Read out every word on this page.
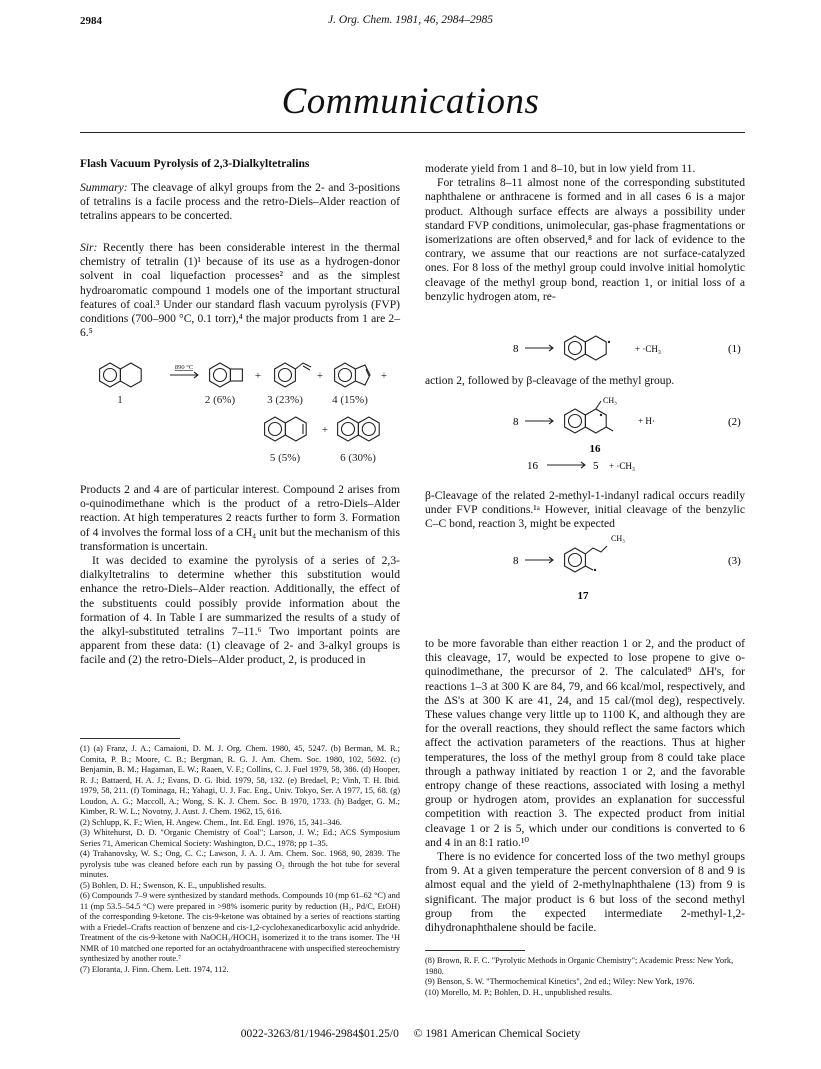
2984	J. Org. Chem. 1981, 46, 2984–2985
Communications
Flash Vacuum Pyrolysis of 2,3-Dialkyltetralins

Summary: The cleavage of alkyl groups from the 2- and 3-positions of tetralins is a facile process and the retro-Diels–Alder reaction of tetralins appears to be concerted.

Sir: Recently there has been considerable interest in the thermal chemistry of tetralin (1)¹ because of its use as a hydrogen-donor solvent in coal liquefaction processes² and as the simplest hydroaromatic compound 1 models one of the important structural features of coal.³ Under our standard flash vacuum pyrolysis (FVP) conditions (700–900 °C, 0.1 torr),⁴ the major products from 1 are 2–6.⁵

+	+	+
+
890 °C
1	2 (6%)	3 (23%)	4 (15%)
5 (5%)	6 (30%)

Products 2 and 4 are of particular interest. Compound 2 arises from o-quinodimethane which is the product of a retro-Diels–Alder reaction. At high temperatures 2 reacts further to form 3. Formation of 4 involves the formal loss of a CH₄ unit but the mechanism of this transformation is uncertain.

It was decided to examine the pyrolysis of a series of 2,3-dialkyltetralins to determine whether this substitution would enhance the retro-Diels–Alder reaction. Additionally, the effect of the substituents could possibly provide information about the formation of 4. In Table I are summarized the results of a study of the alkyl-substituted tetralins 7–11.⁶ Two important points are apparent from these data: (1) cleavage of 2- and 3-alkyl groups is facile and (2) the retro-Diels–Alder product, 2, is produced in

(1) (a) Franz, J. A.; Camaioni, D. M. J. Org. Chem. 1980, 45, 5247. (b) Berman, M. R.; Comita, P. B.; Moore, C. B.; Bergman, R. G. J. Am. Chem. Soc. 1980, 102, 5692. (c) Benjamin, B. M.; Hagaman, E. W.; Raaen, V. F.; Collins, C. J. Fuel 1979, 58, 386. (d) Hooper, R. J.; Battaerd, H. A. J.; Evans, D. G. Ibid. 1979, 58, 132. (e) Bredael, P.; Vinh, T. H. Ibid. 1979, 58, 211. (f) Tominaga, H.; Yahagi, U. J. Fac. Eng., Univ. Tokyo, Ser. A 1977, 15, 68. (g) Loudon, A. G.; Maccoll, A.; Wong, S. K. J. Chem. Soc. B 1970, 1733. (h) Badger, G. M.; Kimber, R. W. L.; Novotny, J. Aust. J. Chem. 1962, 15, 616.

(2) Schlupp, K. F.; Wien, H. Angew. Chem., Int. Ed. Engl. 1976, 15, 341–346.

(3) Whitehurst, D. D. "Organic Chemistry of Coal"; Larson, J. W.; Ed.; ACS Symposium Series 71, American Chemical Society: Washington, D.C., 1978; pp 1–35.

(4) Trahanovsky, W. S.; Ong, C. C.; Lawson, J. A. J. Am. Chem. Soc. 1968, 90, 2839. The pyrolysis tube was cleaned before each run by passing O₂ through the hot tube for several minutes.

(5) Bohlen, D. H.; Swenson, K. E., unpublished results.

(6) Compounds 7–9 were synthesized by standard methods. Compounds 10 (mp 61–62 °C) and 11 (mp 53.5–54.5 °C) were prepared in >98% isomeric purity by reduction (H₂, Pd/C, EtOH) of the corresponding 9-ketone. The cis-9-ketone was obtained by a series of reactions starting with a Friedel–Crafts reaction of benzene and cis-1,2-cyclohexanedicarboxylic acid anhydride. Treatment of the cis-9-ketone with NaOCH₃/HOCH₃ isomerized it to the trans isomer. The ¹H NMR of 10 matched one reported for an octahydroanthracene with unspecified stereochemistry synthesized by another route.⁷

(7) Eloranta, J. Finn. Chem. Lett. 1974, 112.

moderate yield from 1 and 8–10, but in low yield from 11.

For tetralins 8–11 almost none of the corresponding substituted naphthalene or anthracene is formed and in all cases 6 is a major product. Although surface effects are always a possibility under standard FVP conditions, unimolecular, gas-phase fragmentations or isomerizations are often observed,⁸ and for lack of evidence to the contrary, we assume that our reactions are not surface-catalyzed ones. For 8 loss of the methyl group could involve initial homolytic cleavage of the methyl group bond, reaction 1, or initial loss of a benzylic hydrogen atom, re-

8	+ ·CH₃	(1)
action 2, followed by β-cleavage of the methyl group.
8
CH₃
+ H·	(2)
16
16	5 + ·CH₃
β-Cleavage of the related 2-methyl-1-indanyl radical occurs readily under FVP conditions.¹ᵃ However, initial cleavage of the benzylic C–C bond, reaction 3, might be expected
8
CH₃
(3)
17

to be more favorable than either reaction 1 or 2, and the product of this cleavage, 17, would be expected to lose propene to give o-quinodimethane, the precursor of 2. The calculated⁹ ΔH's, for reactions 1–3 at 300 K are 84, 79, and 66 kcal/mol, respectively, and the ΔS's at 300 K are 41, 24, and 15 cal/(mol deg), respectively. These values change very little up to 1100 K, and although they are for the overall reactions, they should reflect the same factors which affect the activation parameters of the reactions. Thus at higher temperatures, the loss of the methyl group from 8 could take place through a pathway initiated by reaction 1 or 2, and the favorable entropy change of these reactions, associated with losing a methyl group or hydrogen atom, provides an explanation for successful competition with reaction 3. The expected product from initial cleavage 1 or 2 is 5, which under our conditions is converted to 6 and 4 in an 8:1 ratio.¹⁰

There is no evidence for concerted loss of the two methyl groups from 9. At a given temperature the percent conversion of 8 and 9 is almost equal and the yield of 2-methylnaphthalene (13) from 9 is significant. The major product is 6 but loss of the second methyl group from the expected intermediate 2-methyl-1,2-dihydronaphthalene should be facile.

(8) Brown, R. F. C. "Pyrolytic Methods in Organic Chemistry"; Academic Press: New York, 1980.

(9) Benson, S. W. "Thermochemical Kinetics", 2nd ed.; Wiley: New York, 1976.

(10) Morello, M. P.; Bohlen, D. H., unpublished results.

0022-3263/81/1946-2984$01.25/0 © 1981 American Chemical Society
